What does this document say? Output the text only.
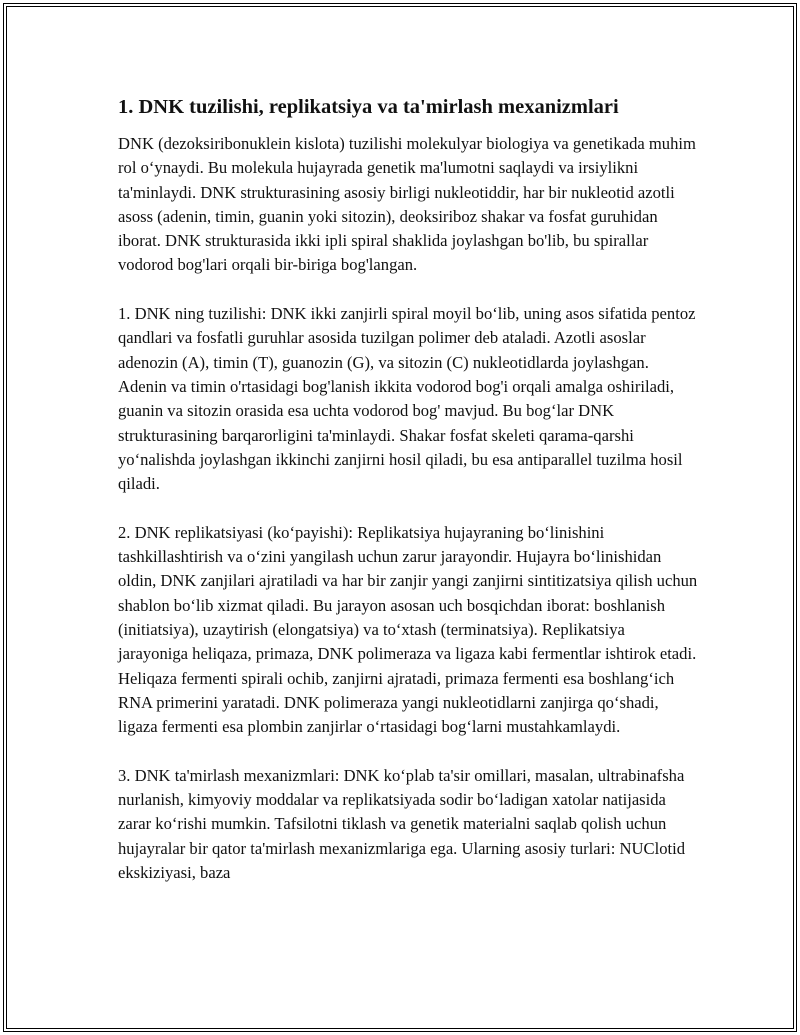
1. DNK tuzilishi, replikatsiya va ta'mirlash mexanizmlari

DNK (dezoksiribonuklein kislota) tuzilishi molekulyar biologiya va genetikada muhim rol oʻynaydi. Bu molekula hujayrada genetik ma'lumotni saqlaydi va irsiylikni ta'minlaydi. DNK strukturasining asosiy birligi nukleotiddir, har bir nukleotid azotli asoss (adenin, timin, guanin yoki sitozin), deoksiriboz shakar va fosfat guruhidan iborat. DNK strukturasida ikki ipli spiral shaklida joylashgan bo'lib, bu spirallar vodorod bog'lari orqali bir-biriga bog'langan.

1. DNK ning tuzilishi: DNK ikki zanjirli spiral moyil boʻlib, uning asos sifatida pentoz qandlari va fosfatli guruhlar asosida tuzilgan polimer deb ataladi. Azotli asoslar adenozin (A), timin (T), guanozin (G), va sitozin (C) nukleotidlarda joylashgan. Adenin va timin o'rtasidagi bog'lanish ikkita vodorod bog'i orqali amalga oshiriladi, guanin va sitozin orasida esa uchta vodorod bog' mavjud. Bu bogʻlar DNK strukturasining barqarorligini ta'minlaydi. Shakar fosfat skeleti qarama-qarshi yoʻnalishda joylashgan ikkinchi zanjirni hosil qiladi, bu esa antiparallel tuzilma hosil qiladi.

2. DNK replikatsiyasi (koʻpayishi): Replikatsiya hujayraning boʻlinishini tashkillashtirish va oʻzini yangilash uchun zarur jarayondir. Hujayra boʻlinishidan oldin, DNK zanjilari ajratiladi va har bir zanjir yangi zanjirni sintitizatsiya qilish uchun shablon boʻlib xizmat qiladi. Bu jarayon asosan uch bosqichdan iborat: boshlanish (initiatsiya), uzaytirish (elongatsiya) va toʻxtash (terminatsiya). Replikatsiya jarayoniga heliqaza, primaza, DNK polimeraza va ligaza kabi fermentlar ishtirok etadi. Heliqaza fermenti spirali ochib, zanjirni ajratadi, primaza fermenti esa boshlangʻich RNA primerini yaratadi. DNK polimeraza yangi nukleotidlarni zanjirga qoʻshadi, ligaza fermenti esa plombin zanjirlar oʻrtasidagi bogʻlarni mustahkamlaydi.

3. DNK ta'mirlash mexanizmlari: DNK koʻplab ta'sir omillari, masalan, ultrabinafsha nurlanish, kimyoviy moddalar va replikatsiyada sodir boʻladigan xatolar natijasida zarar koʻrishi mumkin. Tafsilotni tiklash va genetik materialni saqlab qolish uchun hujayralar bir qator ta'mirlash mexanizmlariga ega. Ularning asosiy turlari: NUClotid ekskiziyasi, baza
